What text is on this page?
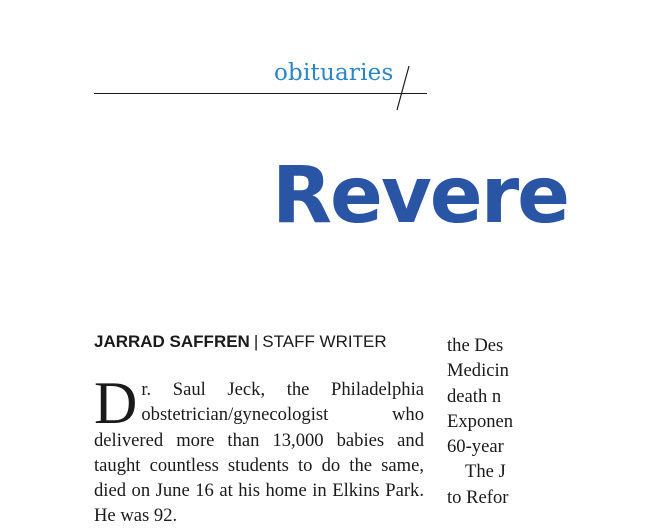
obituaries
Revere
JARRAD SAFFREN | STAFF WRITER
Dr. Saul Jeck, the Philadelphia obstetrician/gynecologist who delivered more than 13,000 babies and taught countless students to do the same, died on June 16 at his home in Elkins Park. He was 92.
the Des
Medicin
death n
Exponen
60-year
The J
to Refor
